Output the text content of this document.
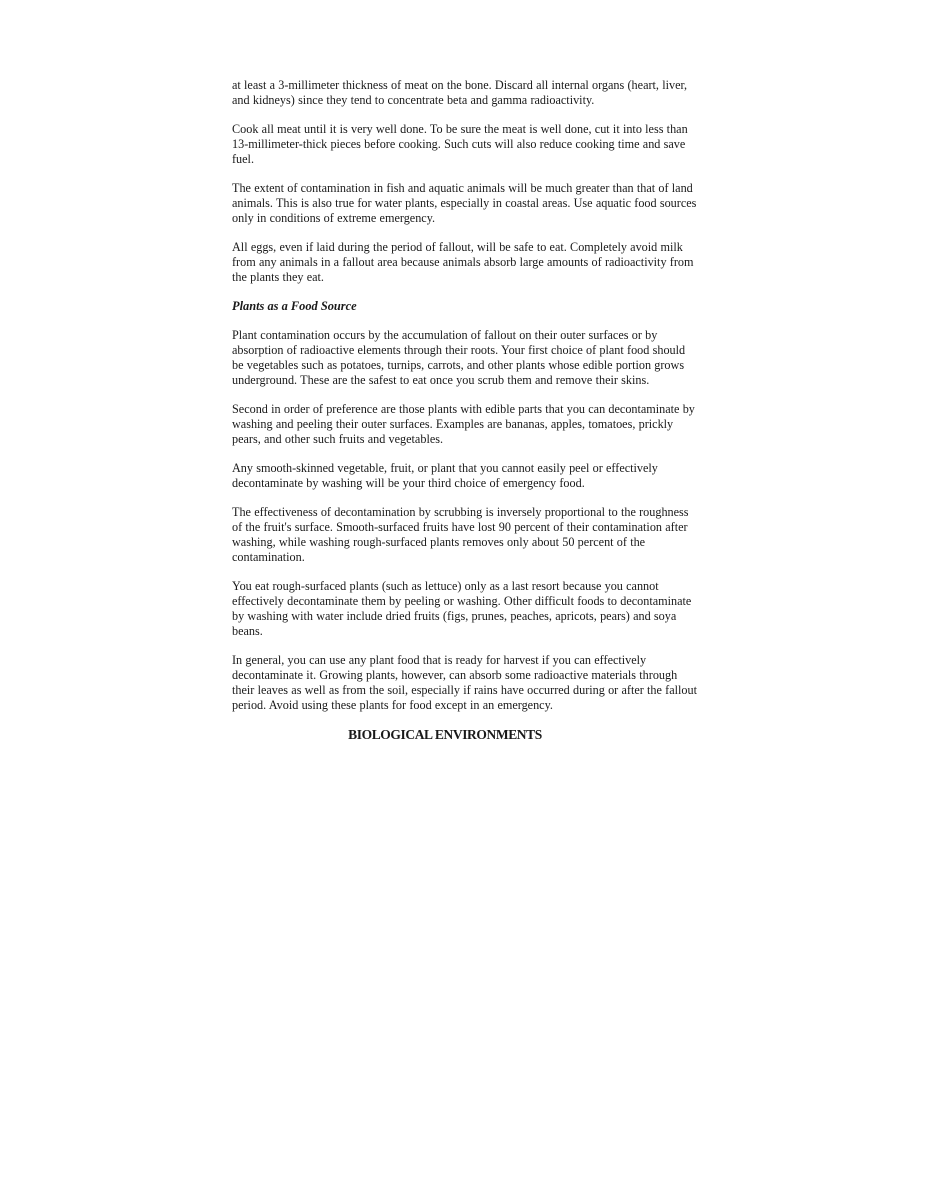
at least a 3-millimeter thickness of meat on the bone. Discard all internal organs (heart, liver, and kidneys) since they tend to concentrate beta and gamma radioactivity.

Cook all meat until it is very well done. To be sure the meat is well done, cut it into less than 13-millimeter-thick pieces before cooking. Such cuts will also reduce cooking time and save fuel.

The extent of contamination in fish and aquatic animals will be much greater than that of land animals. This is also true for water plants, especially in coastal areas. Use aquatic food sources only in conditions of extreme emergency.

All eggs, even if laid during the period of fallout, will be safe to eat. Completely avoid milk from any animals in a fallout area because animals absorb large amounts of radioactivity from the plants they eat.

Plants as a Food Source

Plant contamination occurs by the accumulation of fallout on their outer surfaces or by absorption of radioactive elements through their roots. Your first choice of plant food should be vegetables such as potatoes, turnips, carrots, and other plants whose edible portion grows underground. These are the safest to eat once you scrub them and remove their skins.

Second in order of preference are those plants with edible parts that you can decontaminate by washing and peeling their outer surfaces. Examples are bananas, apples, tomatoes, prickly pears, and other such fruits and vegetables.

Any smooth-skinned vegetable, fruit, or plant that you cannot easily peel or effectively decontaminate by washing will be your third choice of emergency food.

The effectiveness of decontamination by scrubbing is inversely proportional to the roughness of the fruit's surface. Smooth-surfaced fruits have lost 90 percent of their contamination after washing, while washing rough-surfaced plants removes only about 50 percent of the contamination.

You eat rough-surfaced plants (such as lettuce) only as a last resort because you cannot effectively decontaminate them by peeling or washing. Other difficult foods to decontaminate by washing with water include dried fruits (figs, prunes, peaches, apricots, pears) and soya beans.

In general, you can use any plant food that is ready for harvest if you can effectively decontaminate it. Growing plants, however, can absorb some radioactive materials through their leaves as well as from the soil, especially if rains have occurred during or after the fallout period. Avoid using these plants for food except in an emergency.

BIOLOGICAL ENVIRONMENTS
